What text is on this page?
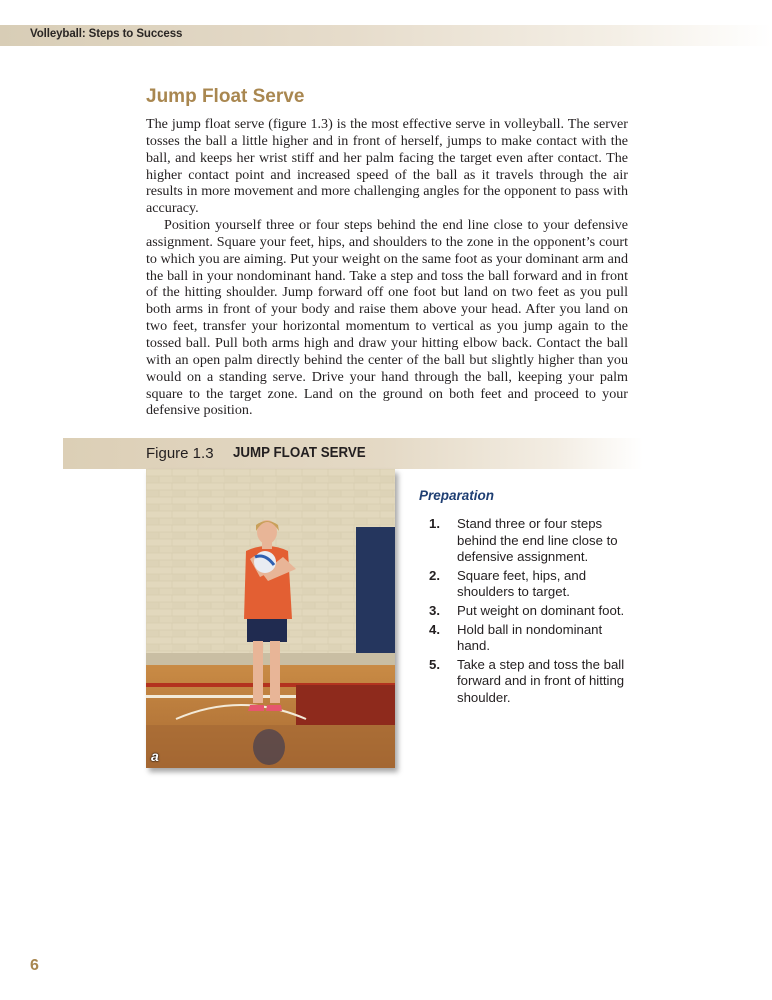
Volleyball: Steps to Success
Jump Float Serve

The jump float serve (figure 1.3) is the most effective serve in volleyball. The server tosses the ball a little higher and in front of herself, jumps to make contact with the ball, and keeps her wrist stiff and her palm facing the target even after contact. The higher contact point and increased speed of the ball as it travels through the air results in more movement and more challenging angles for the opponent to pass with accuracy.

Position yourself three or four steps behind the end line close to your defensive assignment. Square your feet, hips, and shoulders to the zone in the opponent’s court to which you are aiming. Put your weight on the same foot as your dominant arm and the ball in your nondominant hand. Take a step and toss the ball forward and in front of the hitting shoulder. Jump forward off one foot but land on two feet as you pull both arms in front of your body and raise them above your head. After you land on two feet, transfer your horizontal momentum to vertical as you jump again to the tossed ball. Pull both arms high and draw your hitting elbow back. Contact the ball with an open palm directly behind the center of the ball but slightly higher than you would on a standing serve. Drive your hand through the ball, keeping your palm square to the target zone. Land on the ground on both feet and proceed to your defensive position.

Figure 1.3 JUMP FLOAT SERVE
a
Preparation
1. Stand three or four steps behind the end line close to defensive assignment.
2. Square feet, hips, and shoulders to target.
3. Put weight on dominant foot.
4. Hold ball in nondominant hand.
5. Take a step and toss the ball forward and in front of hitting shoulder.
6
